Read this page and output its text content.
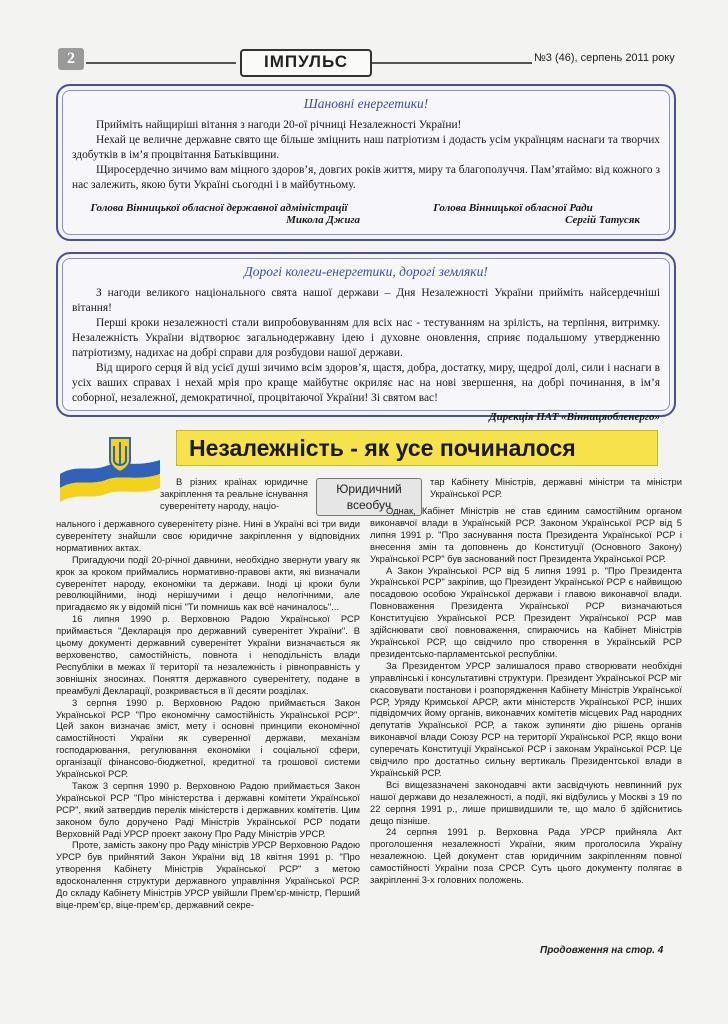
2	ІМПУЛЬС	№3 (46), серпень 2011 року
Шановні енергетики!

Прийміть найщиріші вітання з нагоди 20-ої річниці Незалежності України!

Нехай це величне державне свято ще більше зміцнить наш патріотизм і додасть усім українцям наснаги та творчих здобутків в ім’я процвітання Батьківщини.

Щиросердечно зичимо вам міцного здоров’я, довгих років життя, миру та благополуччя. Пам’ятаймо: від кожного з нас залежить, якою бути Україні сьогодні і в майбутньому.

Голова Вінницької обласної державної адміністрації
Микола Джига
Голова Вінницької обласної Ради
Сергій Татусяк
Дорогі колеги-енергетики, дорогі земляки!

З нагоди великого національного свята нашої держави – Дня Незалежності України прийміть найсердечніші вітання!

Перші кроки незалежності стали випробовуванням для всіх нас - тестуванням на зрілість, на терпіння, витримку. Незалежність України відтворює загальнодержавну ідею і духовне оновлення, сприяє подальшому утвердженню патріотизму, надихає на добрі справи для розбудови нашої держави.

Від щирого серця й від усієї душі зичимо всім здоров’я, щастя, добра, достатку, миру, щедрої долі, сили і наснаги в усіх ваших справах і нехай мрія про краще майбутнє окриляє нас на нові звершення, на добрі починання, в ім’я соборної, незалежної, демократичної, процвітаючої України! Зі святом вас!

Дирекція ПАТ «Вінницяобленерго»
Незалежність - як усе починалося
Юридичний
всеобуч

В різних країнах юридичне закріплення та реальне існування суверенітету народу, націо-

нального і державного суверенітету різне. Нині в Україні всі три види суверенітету знайшли своє юридичне закріплення у відповідних нормативних актах.

Пригадуючи події 20-річної давнини, необхідно звернути увагу як крок за кроком приймались нормативно-правові акти, які визначали суверенітет народу, економіки та держави. Іноді ці кроки були революційними, іноді нерішучими і дещо нелогічними, але пригадаємо як у відомій пісні "Ти помнишь как всё начиналось"...

16 липня 1990 р. Верховною Радою Української РСР приймається "Декларація про державний суверенітет України". В цьому документі державний суверенітет України визначається як верховенство, самостійність, повнота і неподільність влади Республіки в межах її території та незалежність і рівноправність у зовнішніх зносинах. Поняття державного суверенітету, подане в преамбулі Декларації, розкривається в її десяти розділах.

3 серпня 1990 р. Верховною Радою приймається Закон Української РСР "Про економічну самостійність Української РСР". Цей закон визначає зміст, мету і основні принципи економічної самостійності України як суверенної держави, механізм господарювання, регулювання економіки і соціальної сфери, організації фінансово-бюджетної, кредитної та грошової системи Української РСР.

Також 3 серпня 1990 р. Верховною Радою приймається Закон Української РСР "Про міністерства і державні комітети Української РСР", який затвердив перелік міністерств і державних комітетів. Цим законом було доручено Раді Міністрів Української РСР подати Верховній Раді УРСР проект закону Про Раду Міністрів УРСР.

Проте, замість закону про Раду міністрів УРСР Верховною Радою УРСР був прийнятий Закон України від 18 квітня 1991 р. "Про утворення Кабінету Міністрів Української РСР" з метою вдосконалення структури державного управління Української РСР. До складу Кабінету Міністрів УРСР увійшли Прем’єр-міністр, Перший віце-прем’єр, віце-прем’єр, державний секре-

тар Кабінету Міністрів, державні міністри та міністри Української РСР.

Однак, Кабінет Міністрів не став єдиним самостійним органом виконавчої влади в Українській РСР. Законом Української РСР від 5 липня 1991 р. "Про заснування поста Президента Української РСР і внесення змін та доповнень до Конституції (Основного Закону) Української РСР" був заснований пост Президента Української РСР.

А Закон Української РСР від 5 липня 1991 р. "Про Президента Української РСР" закріпив, що Президент Української РСР є найвищою посадовою особою Української держави і главою виконавчої влади. Повноваження Президента Української РСР визначаються Конституцією Української РСР. Президент Української РСР мав здійснювати свої повноваження, спираючись на Кабінет Міністрів Української РСР, що свідчило про створення в Українській РСР президентсько-парламентської республіки.

За Президентом УРСР залишалося право створювати необхідні управлінські і консультативні структури. Президент Української РСР міг скасовувати постанови і розпорядження Кабінету Міністрів Української РСР, Уряду Кримської АРСР, акти міністерств Української РСР, інших підвідомчих йому органів, виконавчих комітетів місцевих Рад народних депутатів Української РСР, а також зупиняти дію рішень органів виконавчої влади Союзу РСР на території Української РСР, якщо вони суперечать Конституції Української РСР і законам Української РСР. Це свідчило про достатньо сильну вертикаль Президентської влади в Українській РСР.

Всі вищезазначені законодавчі акти засвідчують невпинний рух нашої держави до незалежності, а події, які відбулись у Москві з 19 по 22 серпня 1991 р., лише пришвидшили те, що мало б здійснитись дещо пізніше.

24 серпня 1991 р. Верховна Рада УРСР прийняла Акт проголошення незалежності України, яким проголосила Україну незалежною. Цей документ став юридичним закріпленням повної самостійності України поза СРСР. Суть цього документу полягає в закріпленні 3-х головних положень.

Продовження на стор. 4
